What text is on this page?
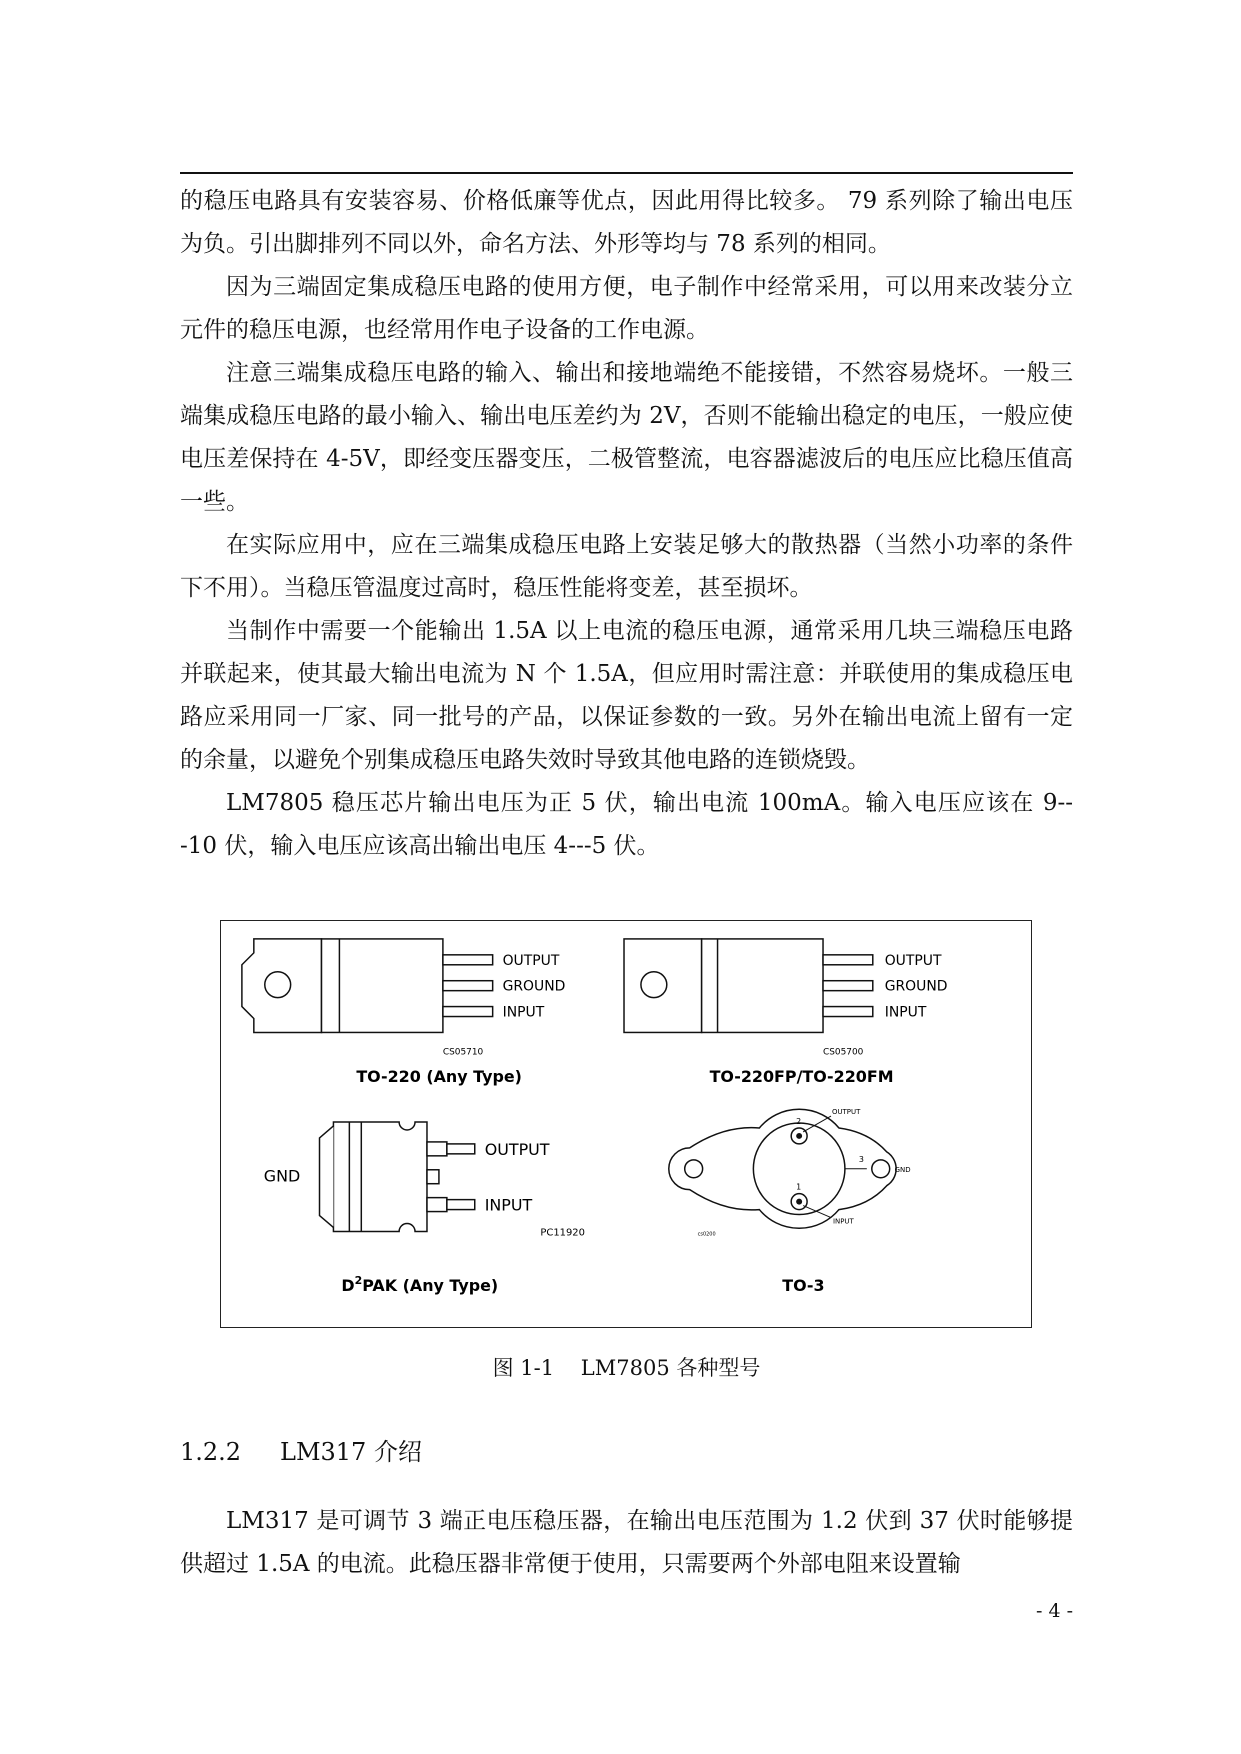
的稳压电路具有安装容易、价格低廉等优点，因此用得比较多。 79 系列除了输出电压为负。引出脚排列不同以外，命名方法、外形等均与 78 系列的相同。

因为三端固定集成稳压电路的使用方便，电子制作中经常采用，可以用来改装分立元件的稳压电源，也经常用作电子设备的工作电源。

注意三端集成稳压电路的输入、输出和接地端绝不能接错，不然容易烧坏。一般三端集成稳压电路的最小输入、输出电压差约为 2V，否则不能输出稳定的电压，一般应使电压差保持在 4-5V，即经变压器变压，二极管整流，电容器滤波后的电压应比稳压值高一些。

在实际应用中，应在三端集成稳压电路上安装足够大的散热器（当然小功率的条件下不用）。当稳压管温度过高时，稳压性能将变差，甚至损坏。

当制作中需要一个能输出 1.5A 以上电流的稳压电源，通常采用几块三端稳压电路并联起来，使其最大输出电流为 N 个 1.5A，但应用时需注意：并联使用的集成稳压电路应采用同一厂家、同一批号的产品，以保证参数的一致。另外在输出电流上留有一定的余量，以避免个别集成稳压电路失效时导致其他电路的连锁烧毁。

LM7805 稳压芯片输出电压为正 5 伏，输出电流 100mA。输入电压应该在 9---10 伏，输入电压应该高出输出电压 4---5 伏。

OUTPUT
GROUND
INPUT
CS05710
TO-220 (Any Type)
OUTPUT
GROUND
INPUT
CS05700
TO-220FP/TO-220FM
GND
OUTPUT
INPUT
PC11920
$D^2PAK$ (Any Type)
OUTPUT
INPUT
GND
2
1
3
cs0200
TO-3
图 1-1    LM7805 各种型号
1.2.2 LM317 介绍

LM317 是可调节 3 端正电压稳压器，在输出电压范围为 1.2 伏到 37 伏时能够提供超过 1.5A 的电流。此稳压器非常便于使用，只需要两个外部电阻来设置输

- 4 -
